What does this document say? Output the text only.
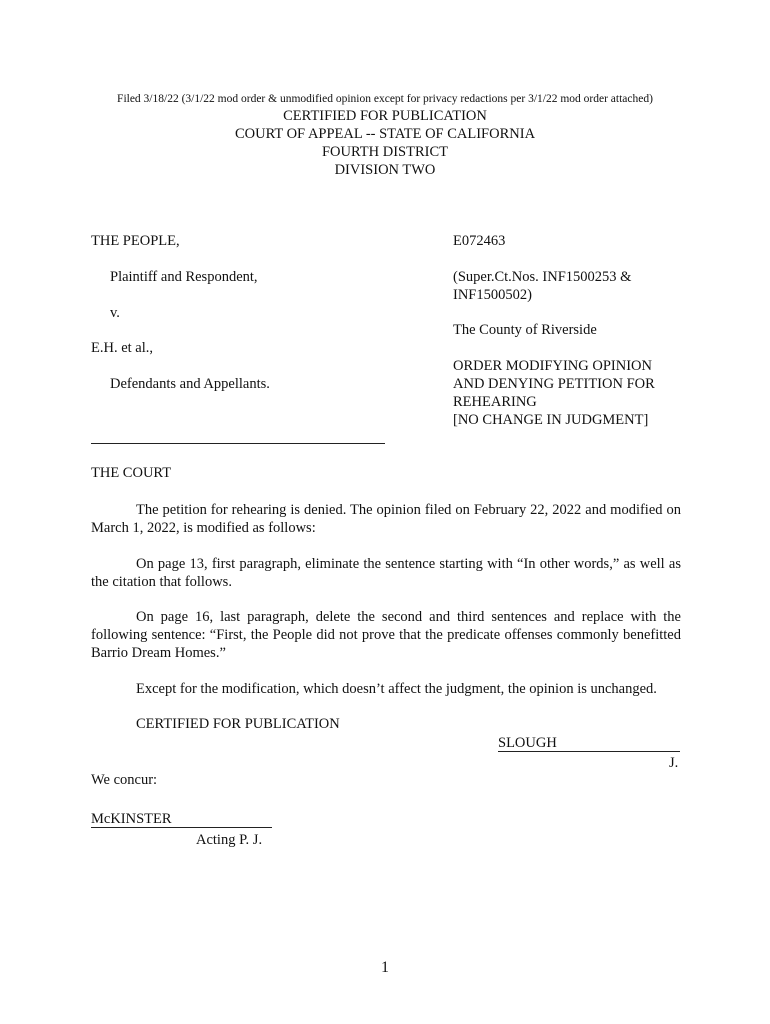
Filed 3/18/22 (3/1/22 mod order & unmodified opinion except for privacy redactions per 3/1/22 mod order attached)
CERTIFIED FOR PUBLICATION
COURT OF APPEAL -- STATE OF CALIFORNIA
FOURTH DISTRICT
DIVISION TWO
THE PEOPLE,
Plaintiff and Respondent,
v.
E.H. et al.,
Defendants and Appellants.
E072463
(Super.Ct.Nos. INF1500253 &
INF1500502)
The County of Riverside
ORDER MODIFYING OPINION
AND DENYING PETITION FOR
REHEARING
[NO CHANGE IN JUDGMENT]
THE COURT

The petition for rehearing is denied. The opinion filed on February 22, 2022 and modified on March 1, 2022, is modified as follows:

On page 13, first paragraph, eliminate the sentence starting with “In other words,” as well as the citation that follows.

On page 16, last paragraph, delete the second and third sentences and replace with the following sentence: “First, the People did not prove that the predicate offenses commonly benefitted Barrio Dream Homes.”

Except for the modification, which doesn’t affect the judgment, the opinion is unchanged.

CERTIFIED FOR PUBLICATION
SLOUGH
J.
We concur:
McKINSTER
Acting P. J.
1
